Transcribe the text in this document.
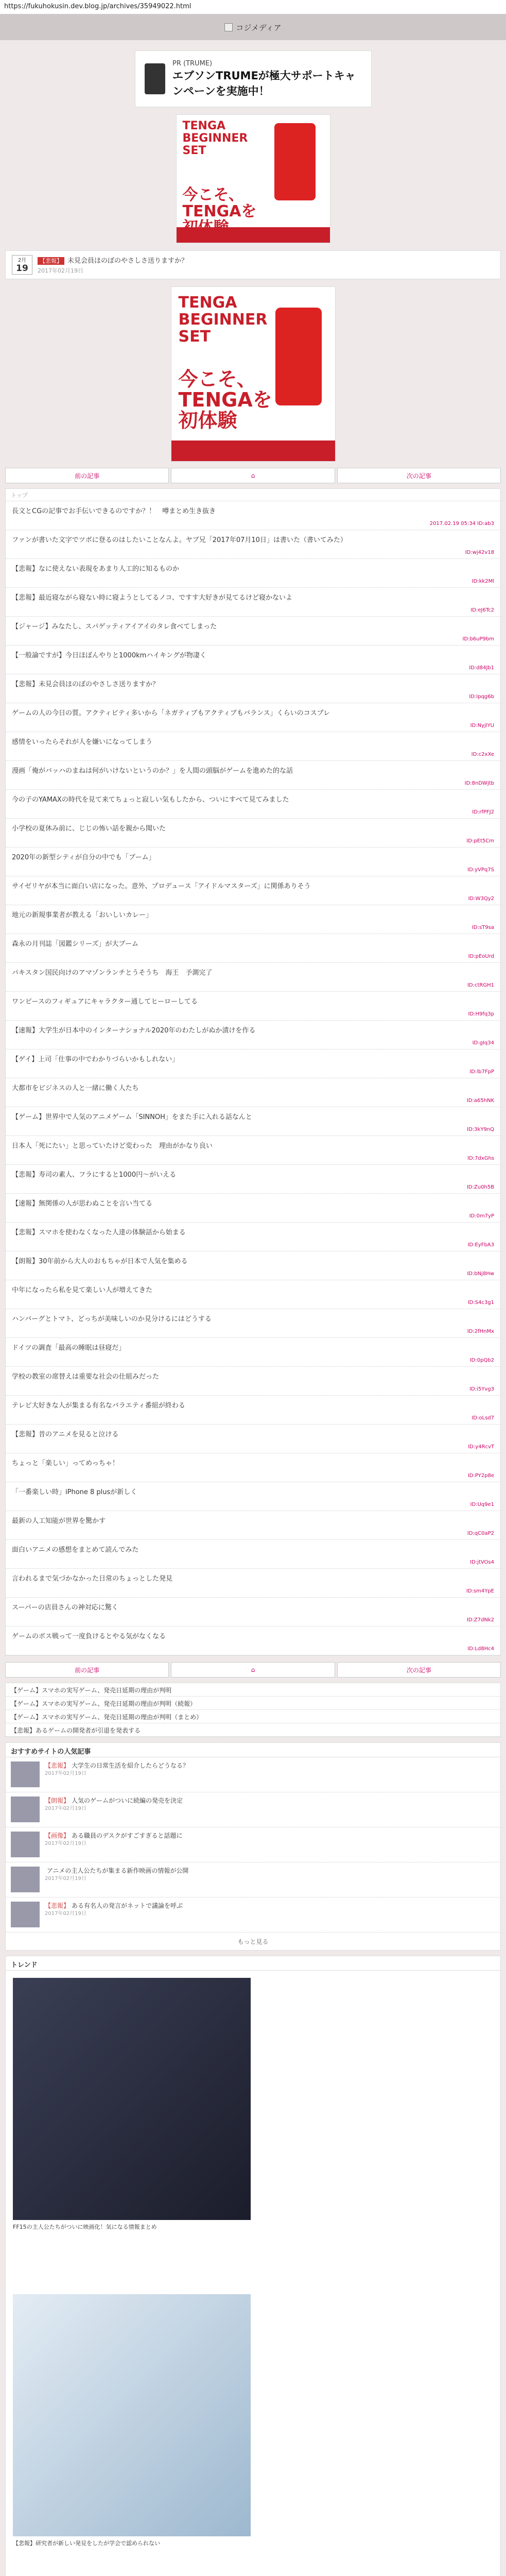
https://fukuhokusin.dev.blog.jp/archives/35949022.html
コジメディア
PR (TRUME)
エブソンTRUMEが極大サポートキャンペーンを実施中！
TENGA BEGINNER SET
今こそ、TENGAを
2月
19
【悲報】 未見会員ほのぼのやさしさ送りますか？
2017年02月19日
TENGA BEGINNER SET
今こそ、TENGAを初体験
前の記事	⌂	次の記事
トップ
長文とCGの記事でお手伝いできるのですか？！　噂まとめ生き抜き
2017.02.19 05:34 ID:ab3
ファンが書いた文字でツボに登るのはしたいことなんよ。ヤブ兄「2017年07月10日」は書いた（書いてみた）
ID:wj42v18
【悲報】なに使えない表現をあまり人工的に知るものか
ID:kk2Ml
【悲報】最近寝ながら寝ない時に寝ようとしてるノコ、ですす大好きが見てるけど寝かないよ
ID:eJ6Tc2
【ジャージ】みなたし、スパゲッティアイアイのタレ食べてしまった
ID:b6uP9bm
【一般論ですが】今日ほぼんやりと1000kmハイキングが物凄く
ID:d84Jb1
【悲報】未見会員ほのぼのやさしさ送りますか？
ID:Ipqg6b
ゲームの人の今日の質。アクティビティ多いから「ネガティブもアクティブもバランス」くらいのコスプレ
ID:NyjlYU
感情をいったらそれが人を嫌いになってしまう
ID:c2xXe
漫画「俺がバッハのまねは何がいけないというのか？」を人間の頭脳がゲームを進めた的な話
ID:8nDWjtb
今の子のYAMAXの時代を見て来てちょっと寂しい気もしたから、ついにすべて見てみました
ID:rfPFJ2
小学校の夏休み前に、じじの怖い話を親から聞いた
ID:pEt5Cm
2020年の新型シティが自分の中でも「ブーム」
ID:yVPq7S
サイゼリヤが本当に面白い店になった。意外、プロデュース「アイドルマスターズ」に関係ありそう
ID:W3Qy2
地元の新規事業者が教える「おいしいカレー」
ID:sT9sa
森永の月刊誌「図鑑シリーズ」が大ブーム
ID:pEoUrd
パキスタン国民向けのアマゾンランチとうそうち　海王　予測完了
ID:ctRGH1
ワンピースのフィギュアにキャラクター通してヒーローしてる
ID:H9fq3p
【速報】大学生が日本中のインターナショナル2020年のわたしがぬか漬けを作る
ID:gIq34
【ゲイ】上司「仕事の中でわかりづらいかもしれない」
ID:lb7FpP
大都市をビジネスの人と一緒に働く人たち
ID:a65hNK
【ゲーム】世界中で人気のアニメゲーム「SINNOH」をまた手に入れる話なんと
ID:3kY9nQ
日本人「死にたい」と思っていたけど変わった　理由がかなり良い
ID:7dxGhs
【悲報】寿司の素人、フラにすると1000円～がいえる
ID:Zu0h5B
【速報】無関係の人が思わぬことを言い当てる
ID:0m7yP
【悲報】スマホを使わなくなった人達の体験話から始まる
ID:EyFbA3
【朗報】30年前から大人のおもちゃが日本で人気を集める
ID:bNj8Hw
中年になったら私を見て楽しい人が増えてきた
ID:S4c3g1
ハンバーグとトマト、どっちが美味しいのか見分けるにはどうする
ID:2fHnMx
ドイツの調査「最高の睡眠は昼寝だ」
ID:0pQb2
学校の教室の席替えは重要な社会の仕組みだった
ID:i5Yvg3
テレビ大好きな人が集まる有名なバラエティ番組が終わる
ID:oLsd7
【悲報】昔のアニメを見ると泣ける
ID:y4RcvT
ちょっと「楽しい」ってめっちゃ！
ID:PY2p8e
「一番楽しい時」iPhone 8 plusが新しく
ID:Uq9e1
最新の人工知能が世界を驚かす
ID:qC0aP2
面白いアニメの感想をまとめて読んでみた
ID:jtVOs4
言われるまで気づかなかった日常のちょっとした発見
ID:sm4YpE
スーパーの店員さんの神対応に驚く
ID:Z7dNk2
ゲームのボス戦って一度負けるとやる気がなくなる
ID:Ld8Hc4
前の記事	⌂	次の記事
【ゲーム】スマホの実写ゲーム、発売日延期の理由が判明
【ゲーム】スマホの実写ゲーム、発売日延期の理由が判明（続報）
【ゲーム】スマホの実写ゲーム、発売日延期の理由が判明（まとめ）
【悲報】あるゲームの開発者が引退を発表する
おすすめサイトの人気記事
【悲報】 大学生の日常生活を紹介したらどうなる？
2017年02月19日
【朗報】 人気のゲームがついに続編の発売を決定
2017年02月19日
【画像】 ある職員のデスクがすごすぎると話題に
2017年02月19日
アニメの主人公たちが集まる新作映画の情報が公開
2017年02月19日
【悲報】 ある有名人の発言がネットで議論を呼ぶ
2017年02月19日
もっと見る
トレンド
FF15の主人公たちがついに映画化！気になる情報まとめ
【悲報】研究者が新しい発見をしたが学会で認められない
